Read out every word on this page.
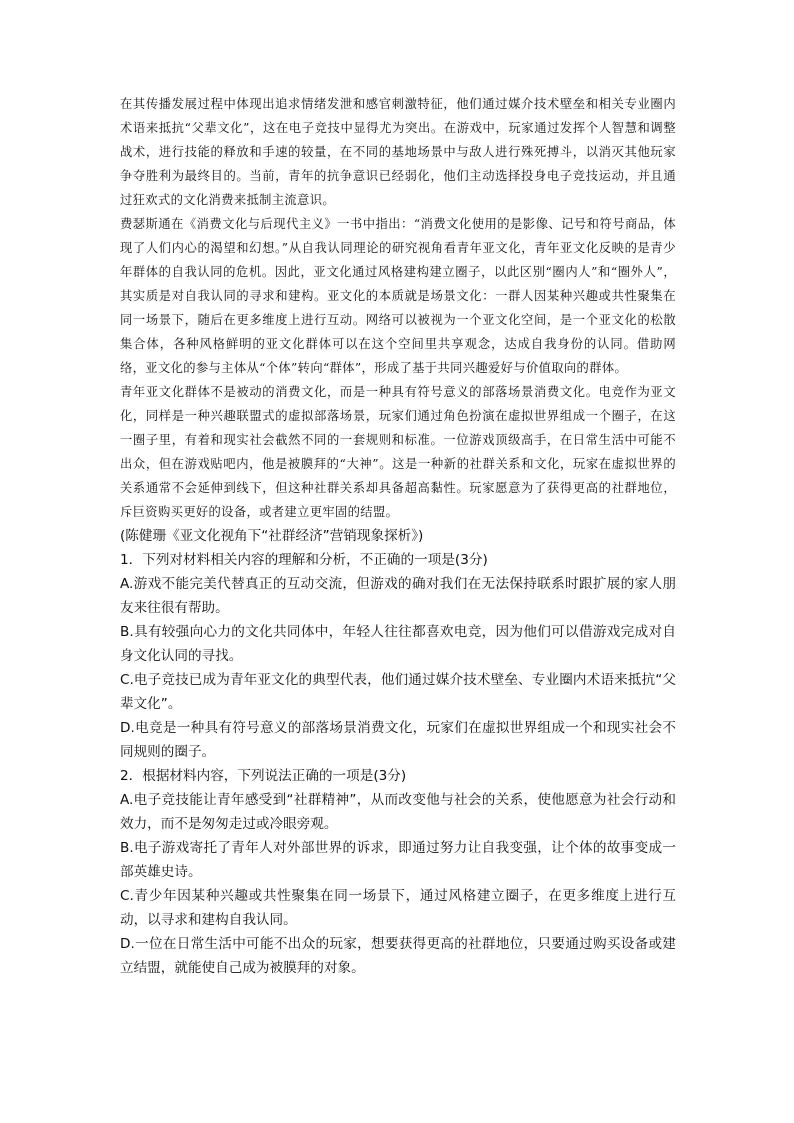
在其传播发展过程中体现出追求情绪发泄和感官刺激特征，他们通过媒介技术壁垒和相关专业圈内术语来抵抗“父辈文化”，这在电子竞技中显得尤为突出。在游戏中，玩家通过发挥个人智慧和调整战术，进行技能的释放和手速的较量，在不同的基地场景中与敌人进行殊死搏斗，以消灭其他玩家争夺胜利为最终目的。当前，青年的抗争意识已经弱化，他们主动选择投身电子竞技运动，并且通过狂欢式的文化消费来抵制主流意识。

费瑟斯通在《消费文化与后现代主义》一书中指出：“消费文化使用的是影像、记号和符号商品，体现了人们内心的渴望和幻想。”从自我认同理论的研究视角看青年亚文化，青年亚文化反映的是青少年群体的自我认同的危机。因此，亚文化通过风格建构建立圈子，以此区别“圈内人”和“圈外人”，其实质是对自我认同的寻求和建构。亚文化的本质就是场景文化：一群人因某种兴趣或共性聚集在同一场景下，随后在更多维度上进行互动。网络可以被视为一个亚文化空间，是一个亚文化的松散集合体，各种风格鲜明的亚文化群体可以在这个空间里共享观念，达成自我身份的认同。借助网络，亚文化的参与主体从“个体”转向“群体”，形成了基于共同兴趣爱好与价值取向的群体。

青年亚文化群体不是被动的消费文化，而是一种具有符号意义的部落场景消费文化。电竞作为亚文化，同样是一种兴趣联盟式的虚拟部落场景，玩家们通过角色扮演在虚拟世界组成一个圈子，在这一圈子里，有着和现实社会截然不同的一套规则和标准。一位游戏顶级高手，在日常生活中可能不出众，但在游戏贴吧内，他是被膜拜的“大神”。这是一种新的社群关系和文化，玩家在虚拟世界的关系通常不会延伸到线下，但这种社群关系却具备超高黏性。玩家愿意为了获得更高的社群地位，斥巨资购买更好的设备，或者建立更牢固的结盟。

(陈健珊《亚文化视角下“社群经济”营销现象探析》)

1．下列对材料相关内容的理解和分析，不正确的一项是(3分)

A.游戏不能完美代替真正的互动交流，但游戏的确对我们在无法保持联系时跟扩展的家人朋友来往很有帮助。

B.具有较强向心力的文化共同体中，年轻人往往都喜欢电竞，因为他们可以借游戏完成对自身文化认同的寻找。

C.电子竞技已成为青年亚文化的典型代表，他们通过媒介技术壁垒、专业圈内术语来抵抗“父辈文化”。

D.电竞是一种具有符号意义的部落场景消费文化，玩家们在虚拟世界组成一个和现实社会不同规则的圈子。

2．根据材料内容，下列说法正确的一项是(3分)

A.电子竞技能让青年感受到“社群精神”，从而改变他与社会的关系，使他愿意为社会行动和效力，而不是匆匆走过或冷眼旁观。

B.电子游戏寄托了青年人对外部世界的诉求，即通过努力让自我变强，让个体的故事变成一部英雄史诗。

C.青少年因某种兴趣或共性聚集在同一场景下，通过风格建立圈子，在更多维度上进行互动，以寻求和建构自我认同。

D.一位在日常生活中可能不出众的玩家，想要获得更高的社群地位，只要通过购买设备或建立结盟，就能使自己成为被膜拜的对象。
